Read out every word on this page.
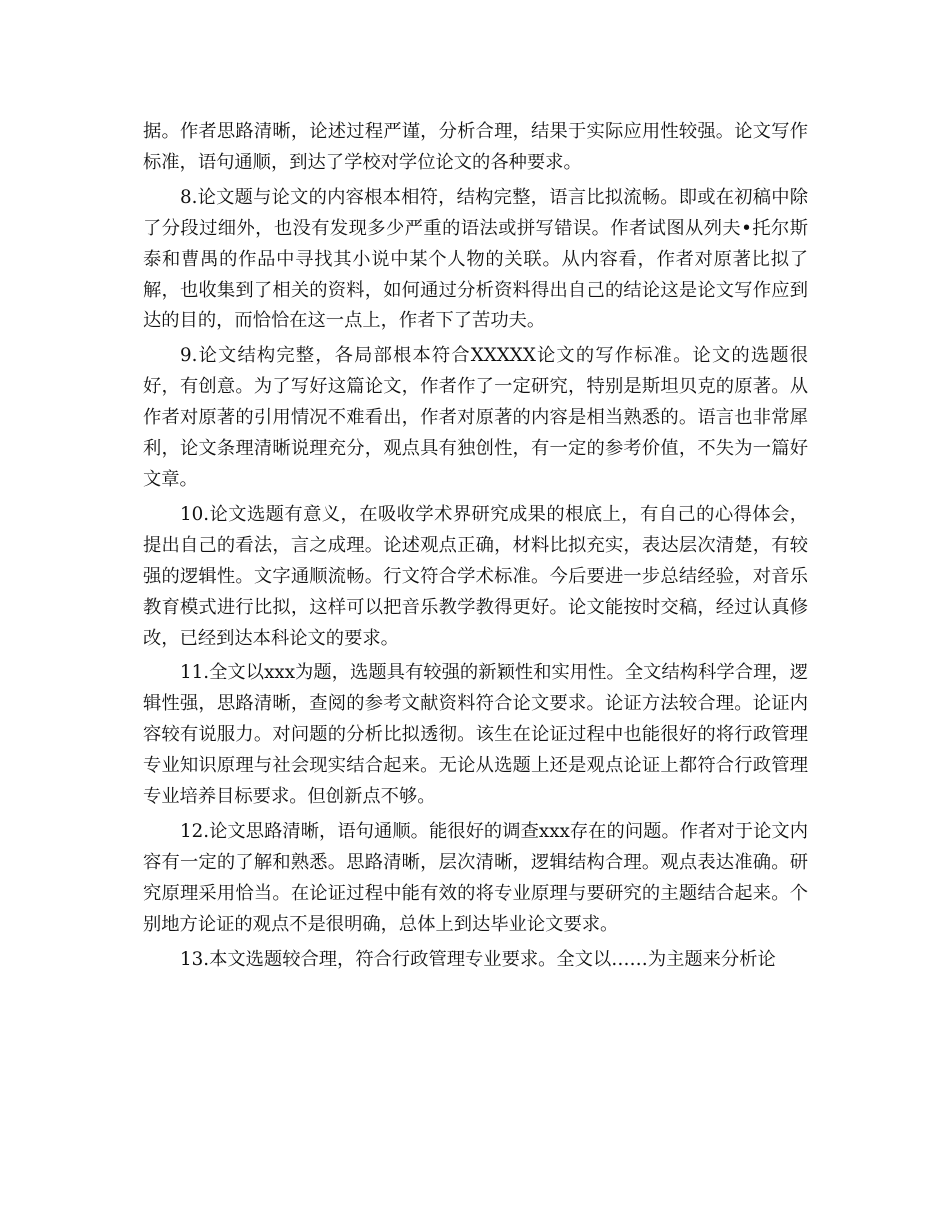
据。作者思路清晰，论述过程严谨，分析合理，结果于实际应用性较强。论文写作标准，语句通顺，到达了学校对学位论文的各种要求。

8.论文题与论文的内容根本相符，结构完整，语言比拟流畅。即或在初稿中除了分段过细外，也没有发现多少严重的语法或拼写错误。作者试图从列夫•托尔斯泰和曹禺的作品中寻找其小说中某个人物的关联。从内容看，作者对原著比拟了解，也收集到了相关的资料，如何通过分析资料得出自己的结论这是论文写作应到达的目的，而恰恰在这一点上，作者下了苦功夫。

9.论文结构完整，各局部根本符合XXXXX论文的写作标准。论文的选题很好，有创意。为了写好这篇论文，作者作了一定研究，特别是斯坦贝克的原著。从作者对原著的引用情况不难看出，作者对原著的内容是相当熟悉的。语言也非常犀利，论文条理清晰说理充分，观点具有独创性，有一定的参考价值，不失为一篇好文章。

10.论文选题有意义，在吸收学术界研究成果的根底上，有自己的心得体会，提出自己的看法，言之成理。论述观点正确，材料比拟充实，表达层次清楚，有较强的逻辑性。文字通顺流畅。行文符合学术标准。今后要进一步总结经验，对音乐教育模式进行比拟，这样可以把音乐教学教得更好。论文能按时交稿，经过认真修改，已经到达本科论文的要求。

11.全文以xxx为题，选题具有较强的新颖性和实用性。全文结构科学合理，逻辑性强，思路清晰，查阅的参考文献资料符合论文要求。论证方法较合理。论证内容较有说服力。对问题的分析比拟透彻。该生在论证过程中也能很好的将行政管理专业知识原理与社会现实结合起来。无论从选题上还是观点论证上都符合行政管理专业培养目标要求。但创新点不够。

12.论文思路清晰，语句通顺。能很好的调查xxx存在的问题。作者对于论文内容有一定的了解和熟悉。思路清晰，层次清晰，逻辑结构合理。观点表达准确。研究原理采用恰当。在论证过程中能有效的将专业原理与要研究的主题结合起来。个别地方论证的观点不是很明确，总体上到达毕业论文要求。

13.本文选题较合理，符合行政管理专业要求。全文以……为主题来分析论
